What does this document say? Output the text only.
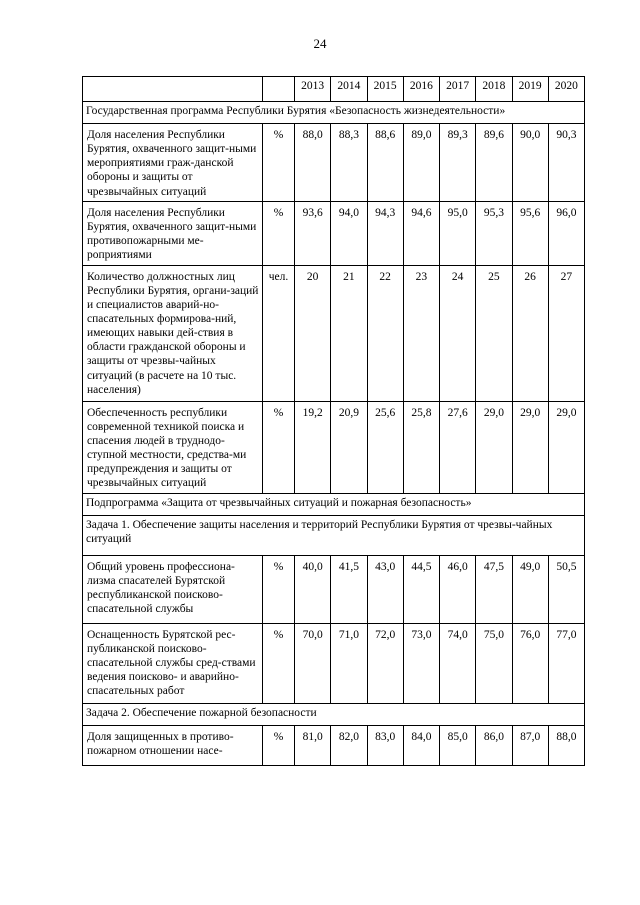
24
		2013	2014	2015	2016	2017	2018	2019	2020
Государственная программа Республики Бурятия «Безопасность жизнедеятельности»									
Доля населения Республики Бурятия, охваченного защит-ными мероприятиями граж-данской обороны и защиты от чрезвычайных ситуаций	%	88,0	88,3	88,6	89,0	89,3	89,6	90,0	90,3
Доля населения Республики Бурятия, охваченного защит-ными противопожарными ме-роприятиями	%	93,6	94,0	94,3	94,6	95,0	95,3	95,6	96,0
Количество должностных лиц Республики Бурятия, органи-заций и специалистов аварий-но-спасательных формирова-ний, имеющих навыки дей-ствия в области гражданской обороны и защиты от чрезвы-чайных ситуаций (в расчете на 10 тыс. населения)	чел.	20	21	22	23	24	25	26	27
Обеспеченность республики современной техникой поиска и спасения людей в труднодо-ступной местности, средства-ми предупреждения и защиты от чрезвычайных ситуаций	%	19,2	20,9	25,6	25,8	27,6	29,0	29,0	29,0
Подпрограмма «Защита от чрезвычайных ситуаций и пожарная безопасность»									
Задача 1. Обеспечение защиты населения и территорий Республики Бурятия от чрезвы-чайных ситуаций									
Общий уровень профессиона-лизма спасателей Бурятской республиканской поисково-спасательной службы	%	40,0	41,5	43,0	44,5	46,0	47,5	49,0	50,5
Оснащенность Бурятской рес-публиканской поисково-спасательной службы сред-ствами ведения поисково- и аварийно-спасательных работ	%	70,0	71,0	72,0	73,0	74,0	75,0	76,0	77,0
Задача 2. Обеспечение пожарной безопасности									
Доля защищенных в противо-пожарном отношении насе-	%	81,0	82,0	83,0	84,0	85,0	86,0	87,0	88,0
